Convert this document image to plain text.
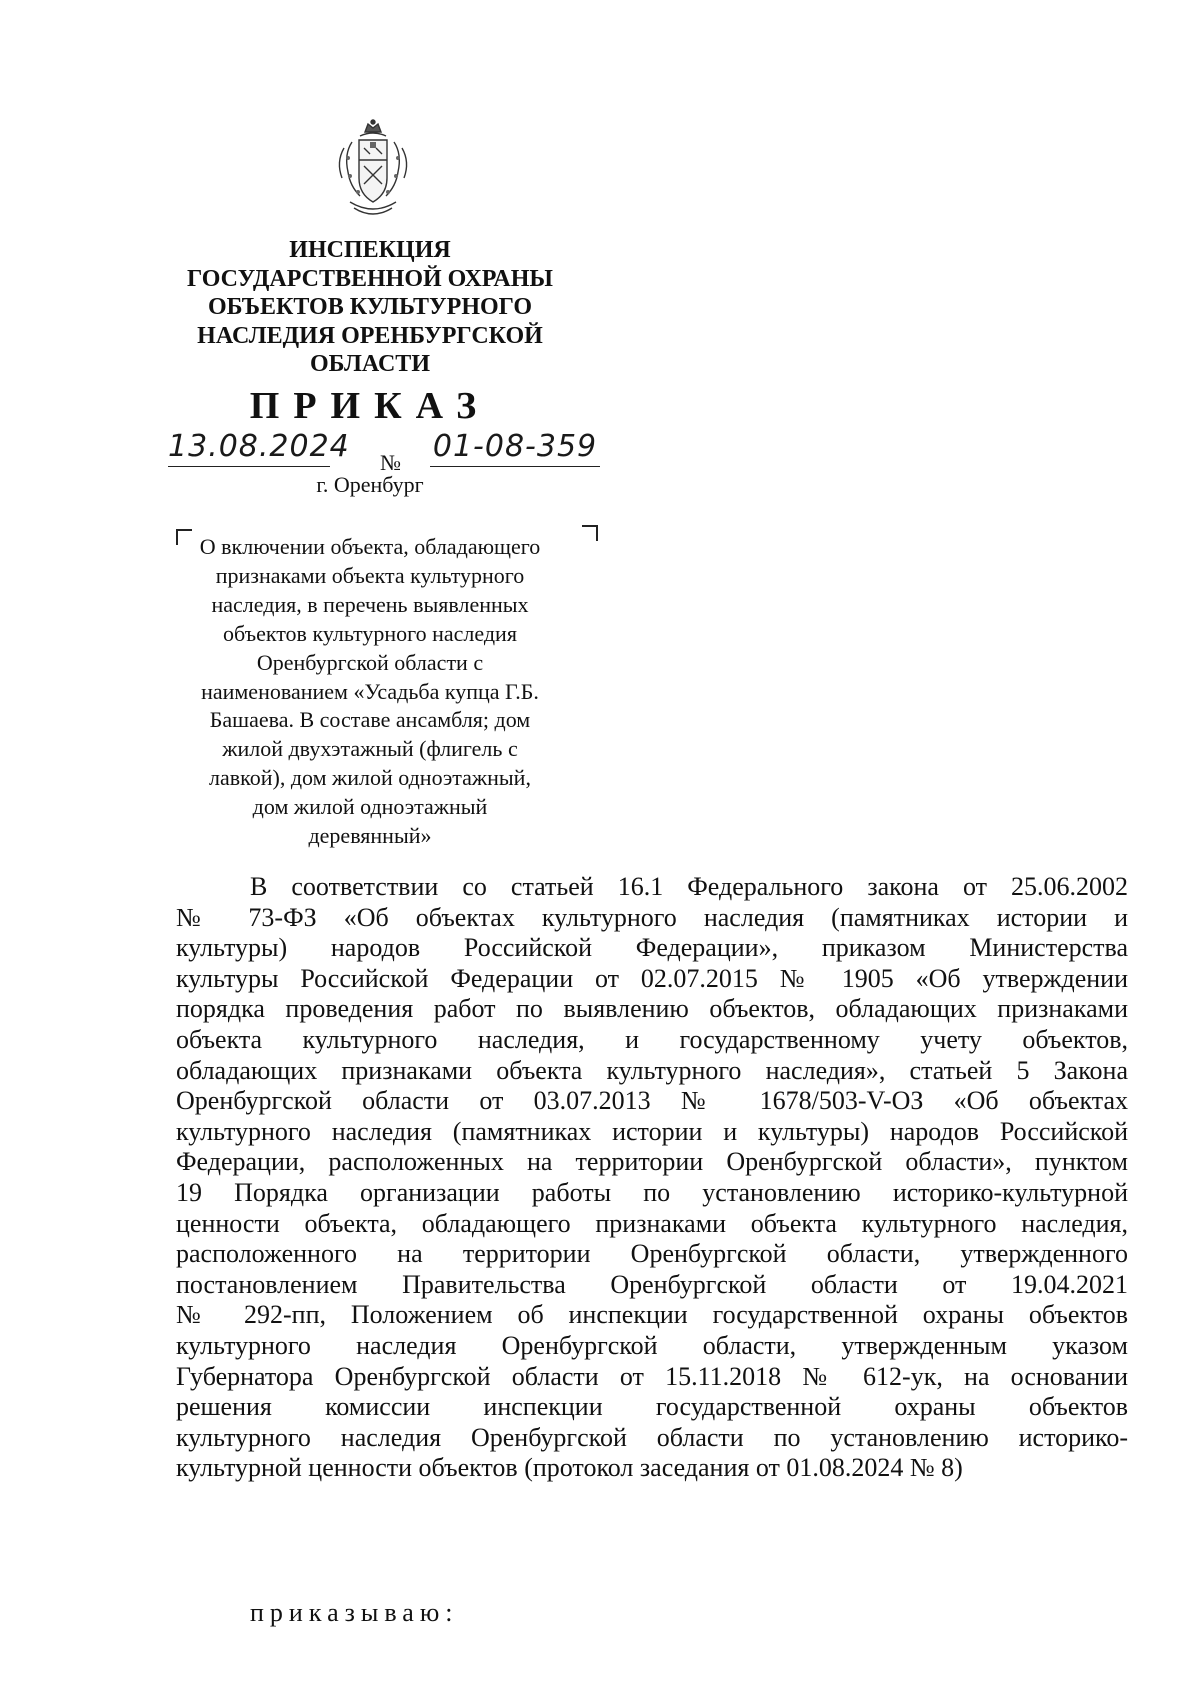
ИНСПЕКЦИЯ
ГОСУДАРСТВЕННОЙ ОХРАНЫ
ОБЪЕКТОВ КУЛЬТУРНОГО
НАСЛЕДИЯ ОРЕНБУРГСКОЙ
ОБЛАСТИ
ПРИКАЗ
13.08.2024 № 01-08-359
г. Оренбург
О включении объекта, обладающего
признаками объекта культурного
наследия, в перечень выявленных
объектов культурного наследия
Оренбургской области с
наименованием «Усадьба купца Г.Б.
Башаева. В составе ансамбля; дом
жилой двухэтажный (флигель с
лавкой), дом жилой одноэтажный,
дом жилой одноэтажный
деревянный»
В соответствии со статьей 16.1 Федерального закона от 25.06.2002
№ 73-ФЗ «Об объектах культурного наследия (памятниках истории и
культуры) народов Российской Федерации», приказом Министерства
культуры Российской Федерации от 02.07.2015 № 1905 «Об утверждении
порядка проведения работ по выявлению объектов, обладающих признаками
объекта культурного наследия, и государственному учету объектов,
обладающих признаками объекта культурного наследия», статьей 5 Закона
Оренбургской области от 03.07.2013 № 1678/503-V-ОЗ «Об объектах
культурного наследия (памятниках истории и культуры) народов Российской
Федерации, расположенных на территории Оренбургской области», пунктом
19 Порядка организации работы по установлению историко-культурной
ценности объекта, обладающего признаками объекта культурного наследия,
расположенного на территории Оренбургской области, утвержденного
постановлением Правительства Оренбургской области от 19.04.2021
№ 292-пп, Положением об инспекции государственной охраны объектов
культурного наследия Оренбургской области, утвержденным указом
Губернатора Оренбургской области от 15.11.2018 № 612-ук, на основании
решения комиссии инспекции государственной охраны объектов
культурного наследия Оренбургской области по установлению историко-
культурной ценности объектов (протокол заседания от 01.08.2024 № 8)
приказываю:
